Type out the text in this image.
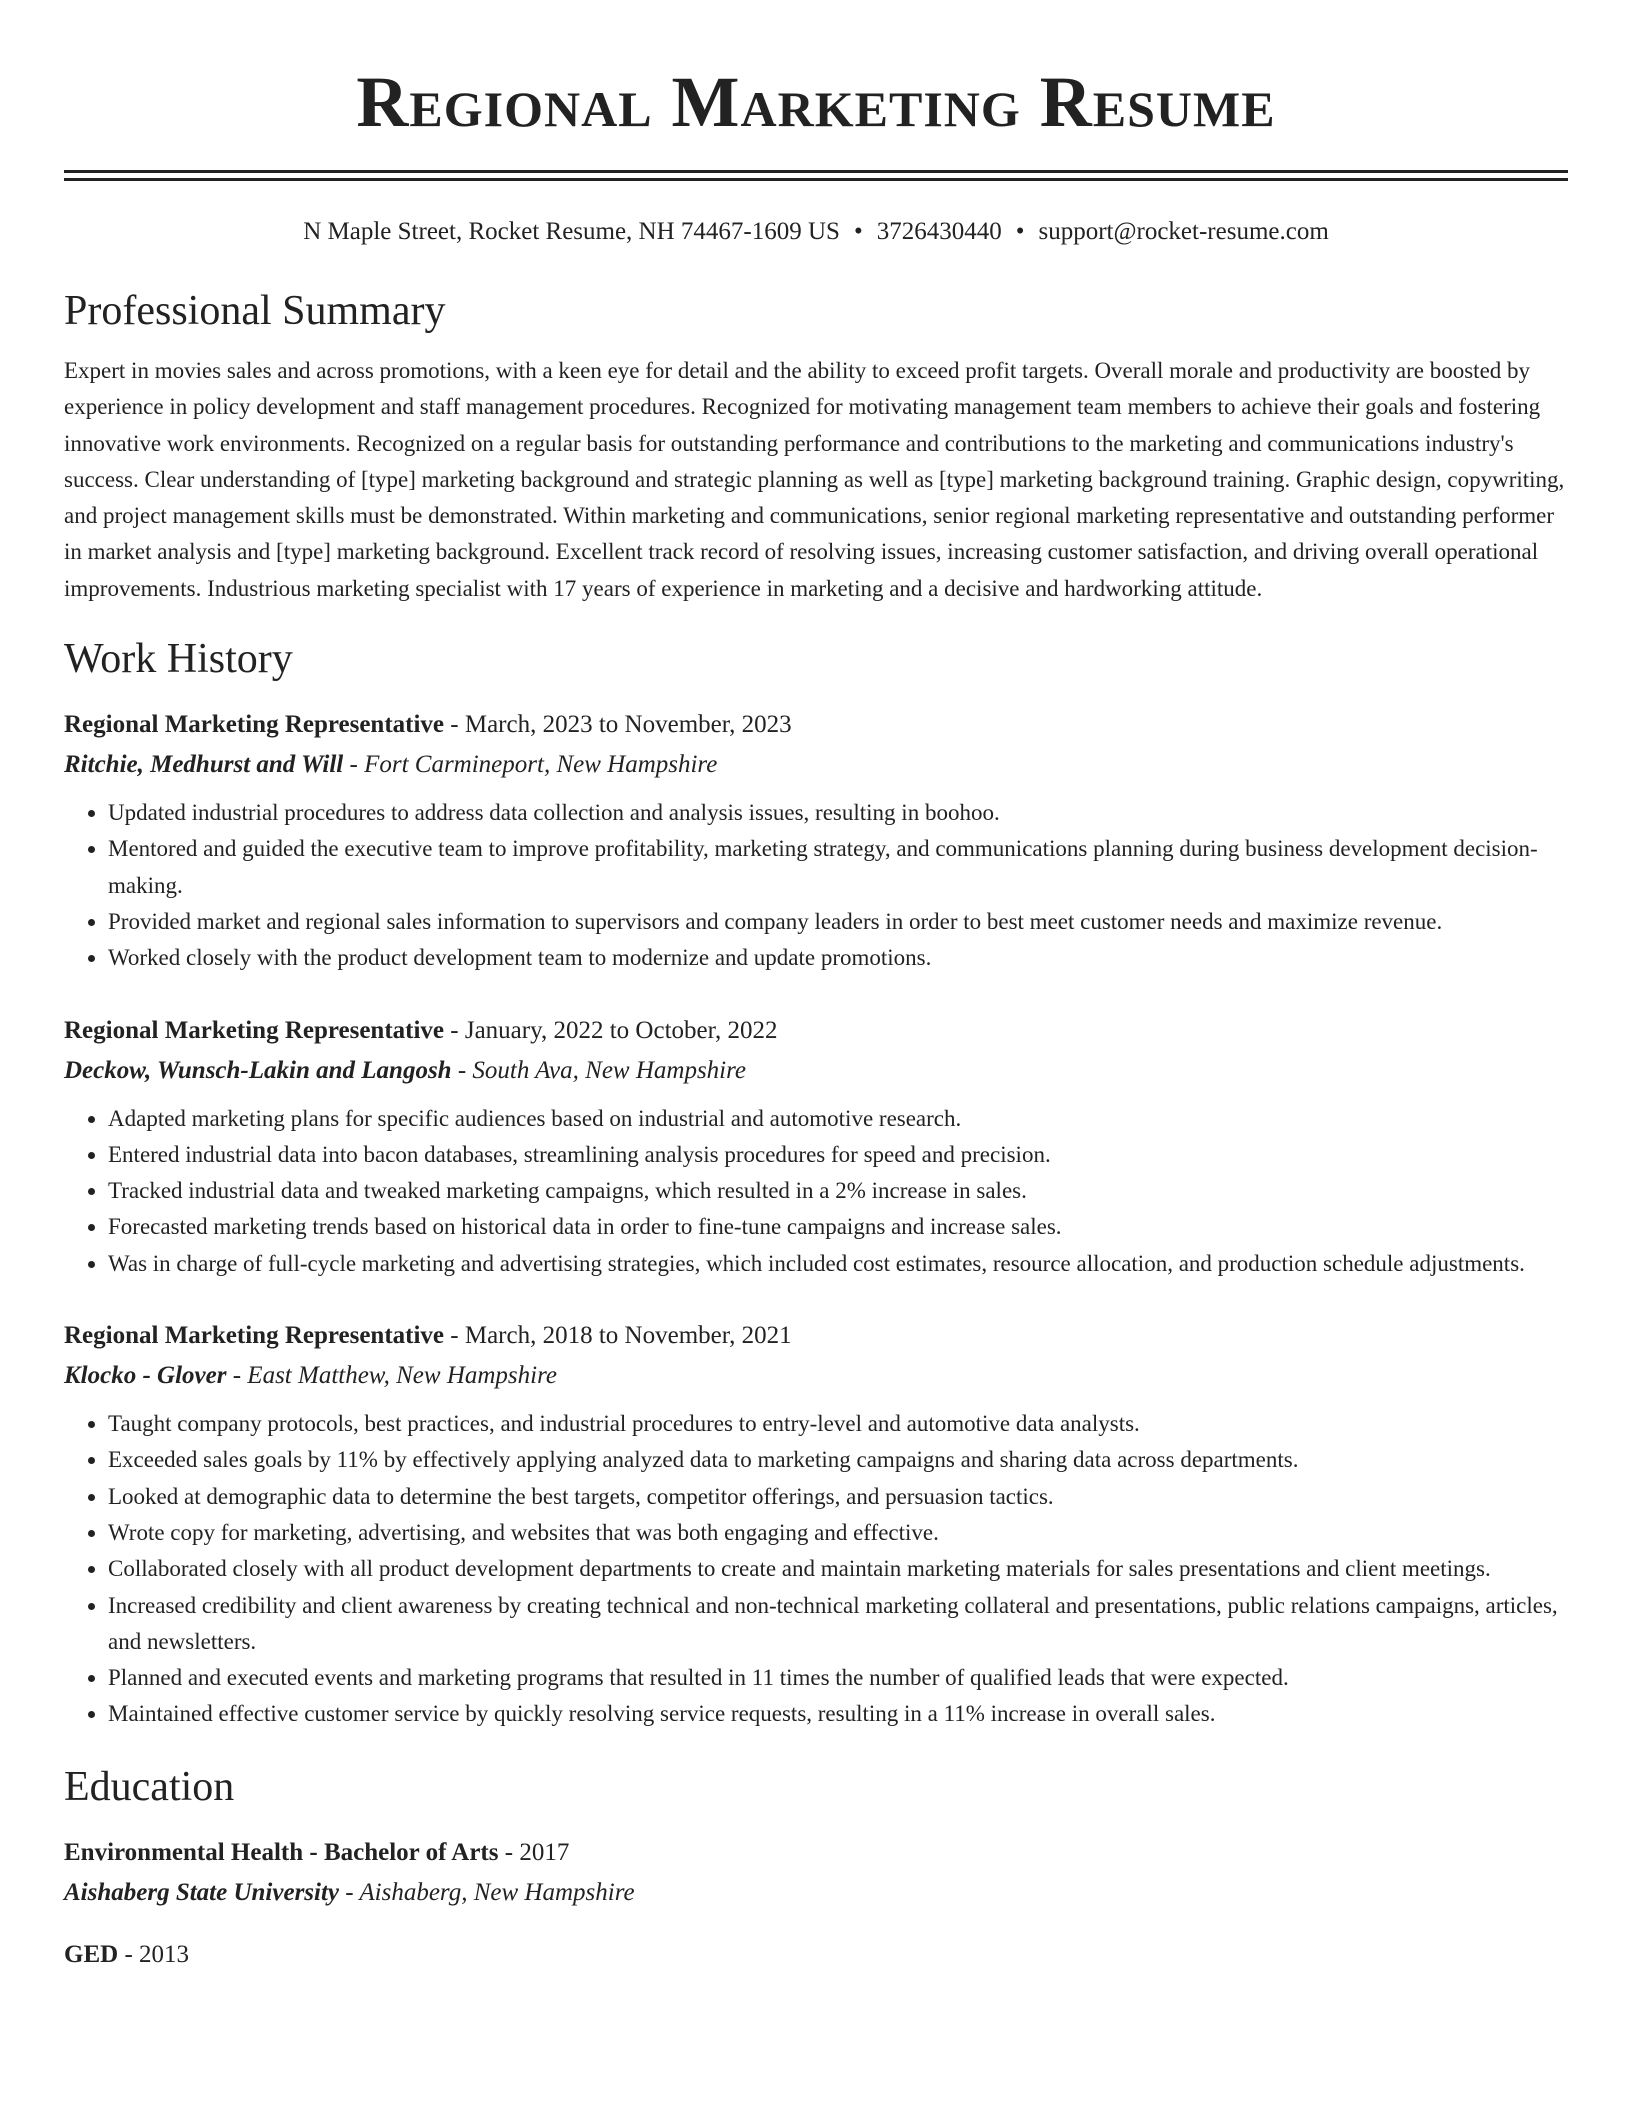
Regional Marketing Resume
N Maple Street, Rocket Resume, NH 74467-1609 US • 3726430440 • support@rocket-resume.com
Professional Summary
Expert in movies sales and across promotions, with a keen eye for detail and the ability to exceed profit targets. Overall morale and productivity are boosted by experience in policy development and staff management procedures. Recognized for motivating management team members to achieve their goals and fostering innovative work environments. Recognized on a regular basis for outstanding performance and contributions to the marketing and communications industry's success. Clear understanding of [type] marketing background and strategic planning as well as [type] marketing background training. Graphic design, copywriting, and project management skills must be demonstrated. Within marketing and communications, senior regional marketing representative and outstanding performer in market analysis and [type] marketing background. Excellent track record of resolving issues, increasing customer satisfaction, and driving overall operational improvements. Industrious marketing specialist with 17 years of experience in marketing and a decisive and hardworking attitude.
Work History
Regional Marketing Representative - March, 2023 to November, 2023
Ritchie, Medhurst and Will - Fort Carmineport, New Hampshire
• Updated industrial procedures to address data collection and analysis issues, resulting in boohoo.
• Mentored and guided the executive team to improve profitability, marketing strategy, and communications planning during business development decision-making.
• Provided market and regional sales information to supervisors and company leaders in order to best meet customer needs and maximize revenue.
• Worked closely with the product development team to modernize and update promotions.
Regional Marketing Representative - January, 2022 to October, 2022
Deckow, Wunsch-Lakin and Langosh - South Ava, New Hampshire
• Adapted marketing plans for specific audiences based on industrial and automotive research.
• Entered industrial data into bacon databases, streamlining analysis procedures for speed and precision.
• Tracked industrial data and tweaked marketing campaigns, which resulted in a 2% increase in sales.
• Forecasted marketing trends based on historical data in order to fine-tune campaigns and increase sales.
• Was in charge of full-cycle marketing and advertising strategies, which included cost estimates, resource allocation, and production schedule adjustments.
Regional Marketing Representative - March, 2018 to November, 2021
Klocko - Glover - East Matthew, New Hampshire
• Taught company protocols, best practices, and industrial procedures to entry-level and automotive data analysts.
• Exceeded sales goals by 11% by effectively applying analyzed data to marketing campaigns and sharing data across departments.
• Looked at demographic data to determine the best targets, competitor offerings, and persuasion tactics.
• Wrote copy for marketing, advertising, and websites that was both engaging and effective.
• Collaborated closely with all product development departments to create and maintain marketing materials for sales presentations and client meetings.
• Increased credibility and client awareness by creating technical and non-technical marketing collateral and presentations, public relations campaigns, articles, and newsletters.
• Planned and executed events and marketing programs that resulted in 11 times the number of qualified leads that were expected.
• Maintained effective customer service by quickly resolving service requests, resulting in a 11% increase in overall sales.
Education
Environmental Health - Bachelor of Arts - 2017
Aishaberg State University - Aishaberg, New Hampshire
GED - 2013
